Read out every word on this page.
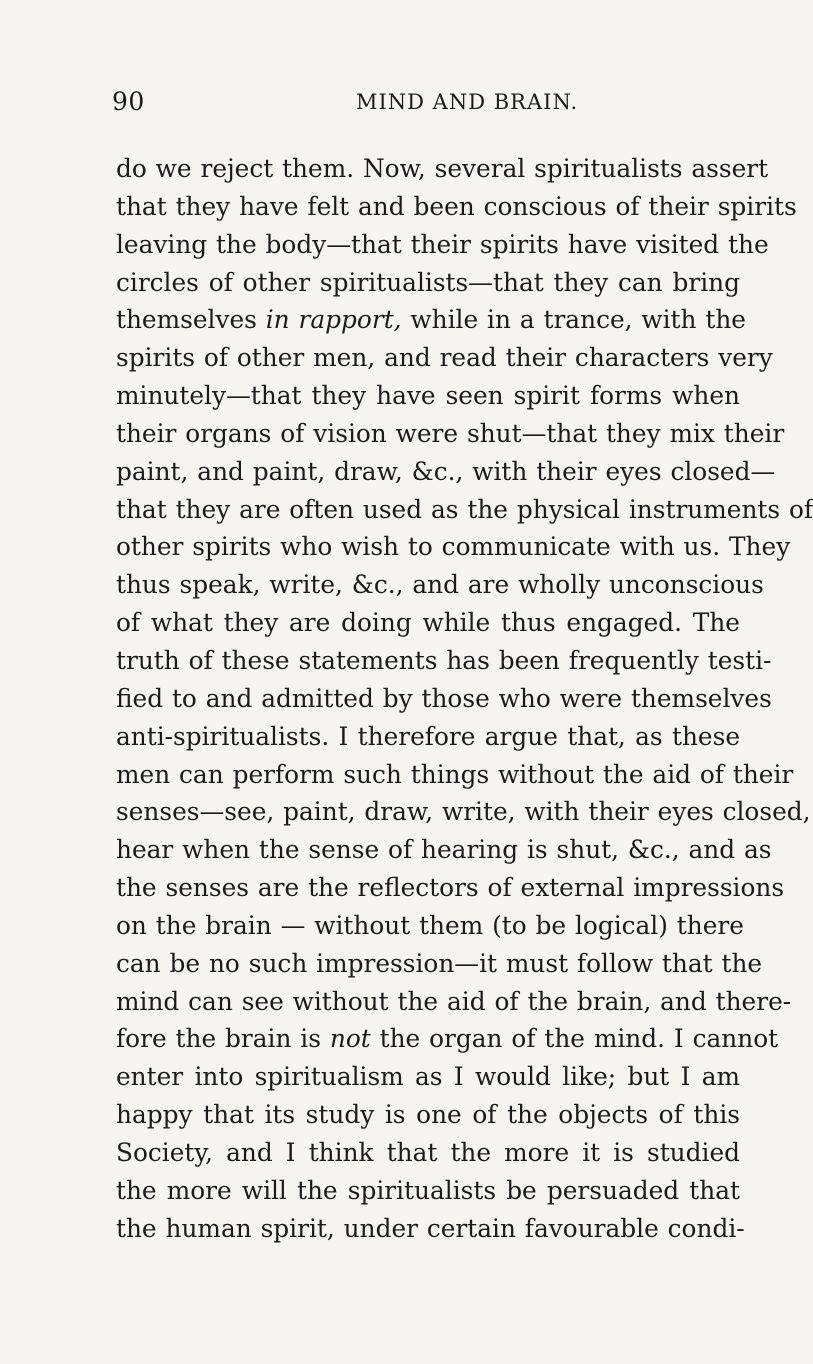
90	MIND AND BRAIN.
do we reject them. Now, several spiritualists assert
that they have felt and been conscious of their spirits
leaving the body—that their spirits have visited the
circles of other spiritualists—that they can bring
themselves in rapport, while in a trance, with the
spirits of other men, and read their characters very
minutely—that they have seen spirit forms when
their organs of vision were shut—that they mix their
paint, and paint, draw, &c., with their eyes closed—
that they are often used as the physical instruments of
other spirits who wish to communicate with us. They
thus speak, write, &c., and are wholly unconscious
of what they are doing while thus engaged. The
truth of these statements has been frequently testi-
fied to and admitted by those who were themselves
anti-spiritualists. I therefore argue that, as these
men can perform such things without the aid of their
senses—see, paint, draw, write, with their eyes closed,
hear when the sense of hearing is shut, &c., and as
the senses are the reflectors of external impressions
on the brain — without them (to be logical) there
can be no such impression—it must follow that the
mind can see without the aid of the brain, and there-
fore the brain is not the organ of the mind. I cannot
enter into spiritualism as I would like; but I am
happy that its study is one of the objects of this
Society, and I think that the more it is studied
the more will the spiritualists be persuaded that
the human spirit, under certain favourable condi-
